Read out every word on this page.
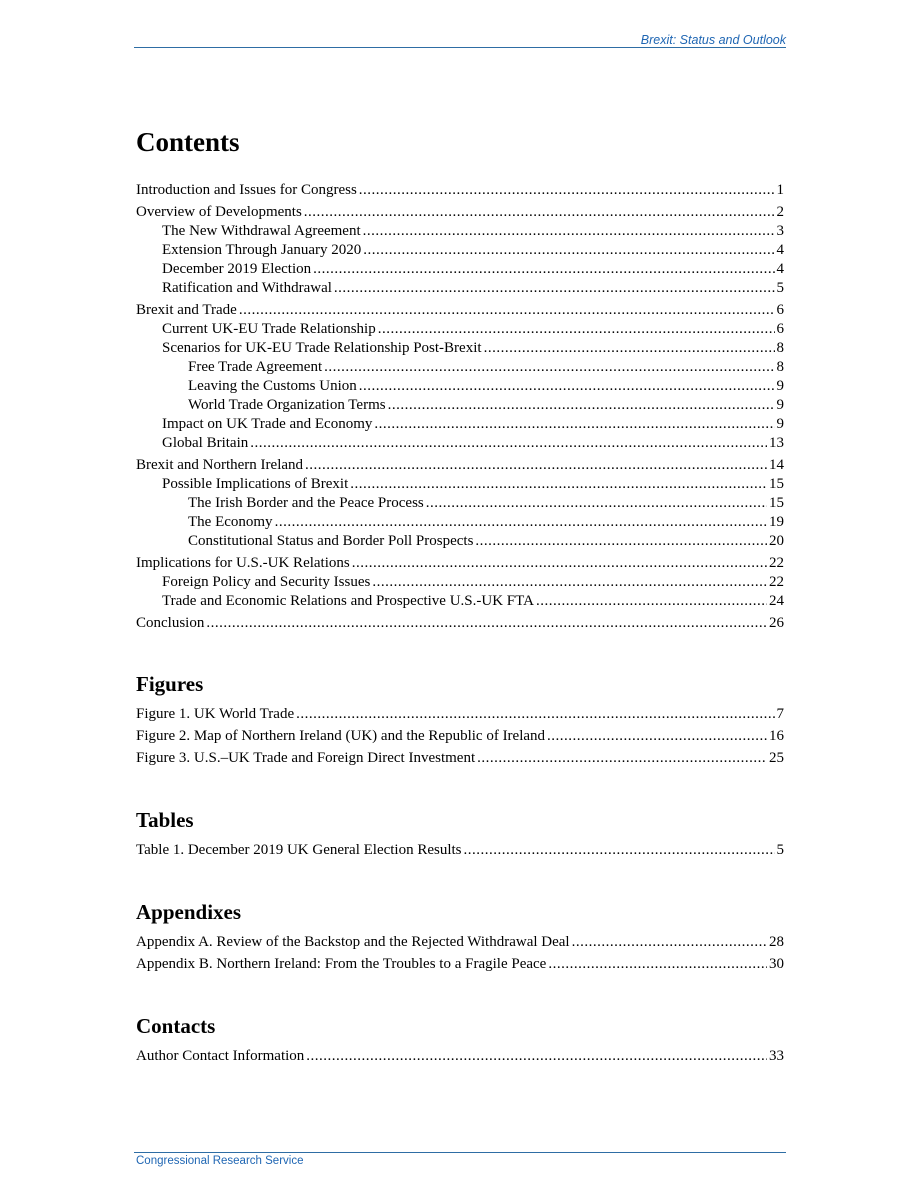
Brexit: Status and Outlook
Contents
Introduction and Issues for Congress .....	1
Overview of Developments .....	2
The New Withdrawal Agreement .....	3
Extension Through January 2020 .....	4
December 2019 Election .....	4
Ratification and Withdrawal .....	5
Brexit and Trade .....	6
Current UK-EU Trade Relationship .....	6
Scenarios for UK-EU Trade Relationship Post-Brexit .....	8
Free Trade Agreement .....	8
Leaving the Customs Union .....	9
World Trade Organization Terms .....	9
Impact on UK Trade and Economy .....	9
Global Britain .....	13
Brexit and Northern Ireland .....	14
Possible Implications of Brexit .....	15
The Irish Border and the Peace Process .....	15
The Economy .....	19
Constitutional Status and Border Poll Prospects .....	20
Implications for U.S.-UK Relations .....	22
Foreign Policy and Security Issues .....	22
Trade and Economic Relations and Prospective U.S.-UK FTA .....	24
Conclusion .....	26
Figures
Figure 1. UK World Trade .....	7
Figure 2. Map of Northern Ireland (UK) and the Republic of Ireland .....	16
Figure 3. U.S.–UK Trade and Foreign Direct Investment .....	25
Tables
Table 1. December 2019 UK General Election Results .....	5
Appendixes
Appendix A. Review of the Backstop and the Rejected Withdrawal Deal .....	28
Appendix B. Northern Ireland: From the Troubles to a Fragile Peace .....	30
Contacts
Author Contact Information .....	33
Congressional Research Service
